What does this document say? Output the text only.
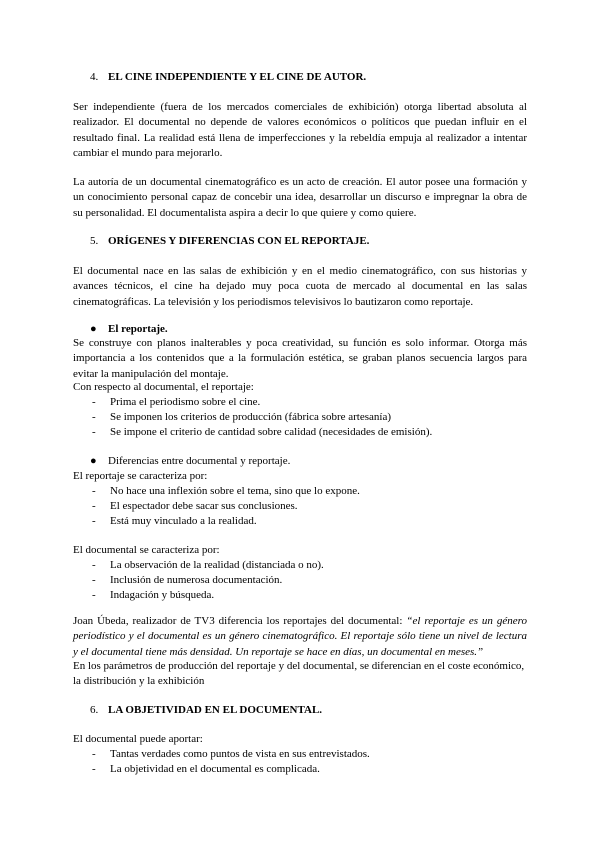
4. EL CINE INDEPENDIENTE Y EL CINE DE AUTOR.

Ser independiente (fuera de los mercados comerciales de exhibición) otorga libertad absoluta al realizador. El documental no depende de valores económicos o políticos que puedan influir en el resultado final. La realidad está llena de imperfecciones y la rebeldía empuja al realizador a intentar cambiar el mundo para mejorarlo.

La autoría de un documental cinematográfico es un acto de creación. El autor posee una formación y un conocimiento personal capaz de concebir una idea, desarrollar un discurso e impregnar la obra de su personalidad. El documentalista aspira a decir lo que quiere y como quiere.

5. ORÍGENES Y DIFERENCIAS CON EL REPORTAJE.

El documental nace en las salas de exhibición y en el medio cinematográfico, con sus historias y avances técnicos, el cine ha dejado muy poca cuota de mercado al documental en las salas cinematográficas. La televisión y los periodismos televisivos lo bautizaron como reportaje.

● El reportaje.

Se construye con planos inalterables y poca creatividad, su función es solo informar. Otorga más importancia a los contenidos que a la formulación estética, se graban planos secuencia largos para evitar la manipulación del montaje.

Con respecto al documental, el reportaje:

- Prima el periodismo sobre el cine.
- Se imponen los criterios de producción (fábrica sobre artesanía)
- Se impone el criterio de cantidad sobre calidad (necesidades de emisión).
● Diferencias entre documental y reportaje.

El reportaje se caracteriza por:

- No hace una inflexión sobre el tema, sino que lo expone.
- El espectador debe sacar sus conclusiones.
- Está muy vinculado a la realidad.

El documental se caracteriza por:

- La observación de la realidad (distanciada o no).
- Inclusión de numerosa documentación.
- Indagación y búsqueda.

Joan Úbeda, realizador de TV3 diferencia los reportajes del documental: “el reportaje es un género periodístico y el documental es un género cinematográfico. El reportaje sólo tiene un nivel de lectura y el documental tiene más densidad. Un reportaje se hace en días, un documental en meses.”

En los parámetros de producción del reportaje y del documental, se diferencian en el coste económico, la distribución y la exhibición

6. LA OBJETIVIDAD EN EL DOCUMENTAL.

El documental puede aportar:

- Tantas verdades como puntos de vista en sus entrevistados.
- La objetividad en el documental es complicada.
